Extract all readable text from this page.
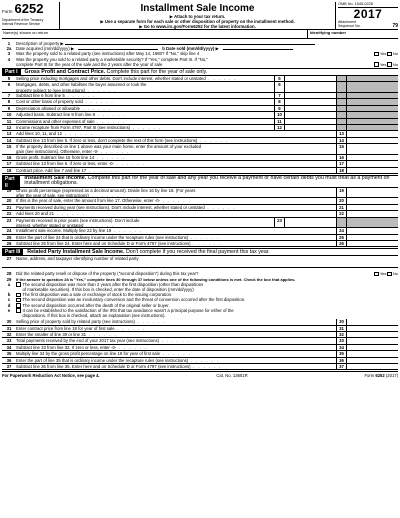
Form 6252
Department of the Treasury
Internal Revenue Service
Installment Sale Income
▶ Attach to your tax return.
▶ Use a separate form for each sale or other disposition of property on the installment method.
▶ Go to www.irs.gov/Form6252 for the latest information.
OMB No. 1545-0228
2017
Attachment
Sequence No.	79
Name(s) shown on return	Identifying number
1	Description of property ▶
2a	Date acquired (mm/dd/yyyy) ▶	b Date sold (mm/dd/yyyy) ▶
3	Was the property sold to a related party (see instructions) after May 14, 1980? If "No," skip line 4	Yes No
4	Was the property you sold to a related party a marketable security? If "Yes," complete Part III. If "No,"
complete Part III for the year of the sale and the 2 years after the year of sale	Yes No
Part I	Gross Profit and Contract Price.
Complete this part for the year of sale only.
5	Selling price including mortgages and other debts. Don't include interest, whether stated or unstated . . . . . .	5
6	Mortgages, debts, and other liabilities the buyer assumed or took the
property subject to (see instructions) . . . . . .
6
7	Subtract line 6 from line 5 . . . . . .	7
8	Cost or other basis of property sold . . . . . .	8
9	Depreciation allowed or allowable . . . . . .	9
10	Adjusted basis. Subtract line 9 from line 8 . . . . . .	10
11	Commissions and other expenses of sale . . . . . .	11
12	Income recapture from Form 4797, Part III (see instructions) . . . . . .	12
13	Add lines 10, 11, and 12 . . . . . .	13
14	Subtract line 13 from line 5. If zero or less, don't complete the rest of this form (see instructions) . . . . . .	14
15	If the property described on line 1 above was your main home, enter the amount of your excluded
gain (see instructions). Otherwise, enter -0- . . . . . .
15
16	Gross profit. Subtract line 15 from line 14 . . . . . .	16
17	Subtract line 13 from line 6. If zero or less, enter -0- . . . . . .	17
18	Contract price. Add line 7 and line 17 . . . . . .	18
Part II
Installment Sale Income. Complete this part for the year of sale and any year you receive a payment or have certain debts you must treat as a payment on installment obligations.
19	Gross profit percentage (expressed as a decimal amount). Divide line 16 by line 18. (For years
after the year of sale, see instructions) . . . . . .
19
20	If this is the year of sale, enter the amount from line 17. Otherwise, enter -0- . . . . . .	20
21	Payments received during year (see instructions). Don't include interest, whether stated or unstated . . . . . .	21
22	Add lines 20 and 21 . . . . . .	22
23	Payments received in prior years (see instructions). Don't include
interest, whether stated or unstated . . . . . .
23
24	Installment sale income. Multiply line 22 by line 19 . . . . . .	24
25	Enter the part of line 24 that is ordinary income under the recapture rules (see instructions) . . . . . .	25
26	Subtract line 25 from line 24. Enter here and on Schedule D or Form 4797 (see instructions) . . . . . .	26
Part III	Related Party Installment Sale Income.
Don't complete if you received the final payment this tax year.
27	Name, address, and taxpayer identifying number of related party
28	Did the related party resell or dispose of the property ("second disposition") during this tax year?	Yes No
29	If the answer to question 28 is "Yes," complete lines 30 through 37 below unless one of the following conditions is met. Check the box that applies.
a	The second disposition was more than 2 years after the first disposition (other than dispositions
of marketable securities). If this box is checked, enter the date of disposition (mm/dd/yyyy)
b	The first disposition was a sale or exchange of stock to the issuing corporation.
c	The second disposition was an involuntary conversion and the threat of conversion occurred after the first disposition.
d	The second disposition occurred after the death of the original seller or buyer.
e	It can be established to the satisfaction of the IRS that tax avoidance wasn't a principal purpose for either of the
dispositions. If this box is checked, attach an explanation (see instructions).
30	Selling price of property sold by related party (see instructions) . . . . . .	30
31	Enter contract price from line 18 for year of first sale . . . . . .	31
32	Enter the smaller of line 30 or line 31 . . . . . .	32
33	Total payments received by the end of your 2017 tax year (see instructions) . . . . . .	33
34	Subtract line 33 from line 32. If zero or less, enter -0- . . . . . .	34
35	Multiply line 34 by the gross profit percentage on line 19 for year of first sale . . . . . .	35
36	Enter the part of line 35 that is ordinary income under the recapture rules (see instructions) . . . . . .	36
37	Subtract line 36 from line 35. Enter here and on Schedule D or Form 4797 (see instructions) . . . . . .	37
For Paperwork Reduction Act Notice, see page 4.	Cat. No. 13601R	Form 6252 (2017)
